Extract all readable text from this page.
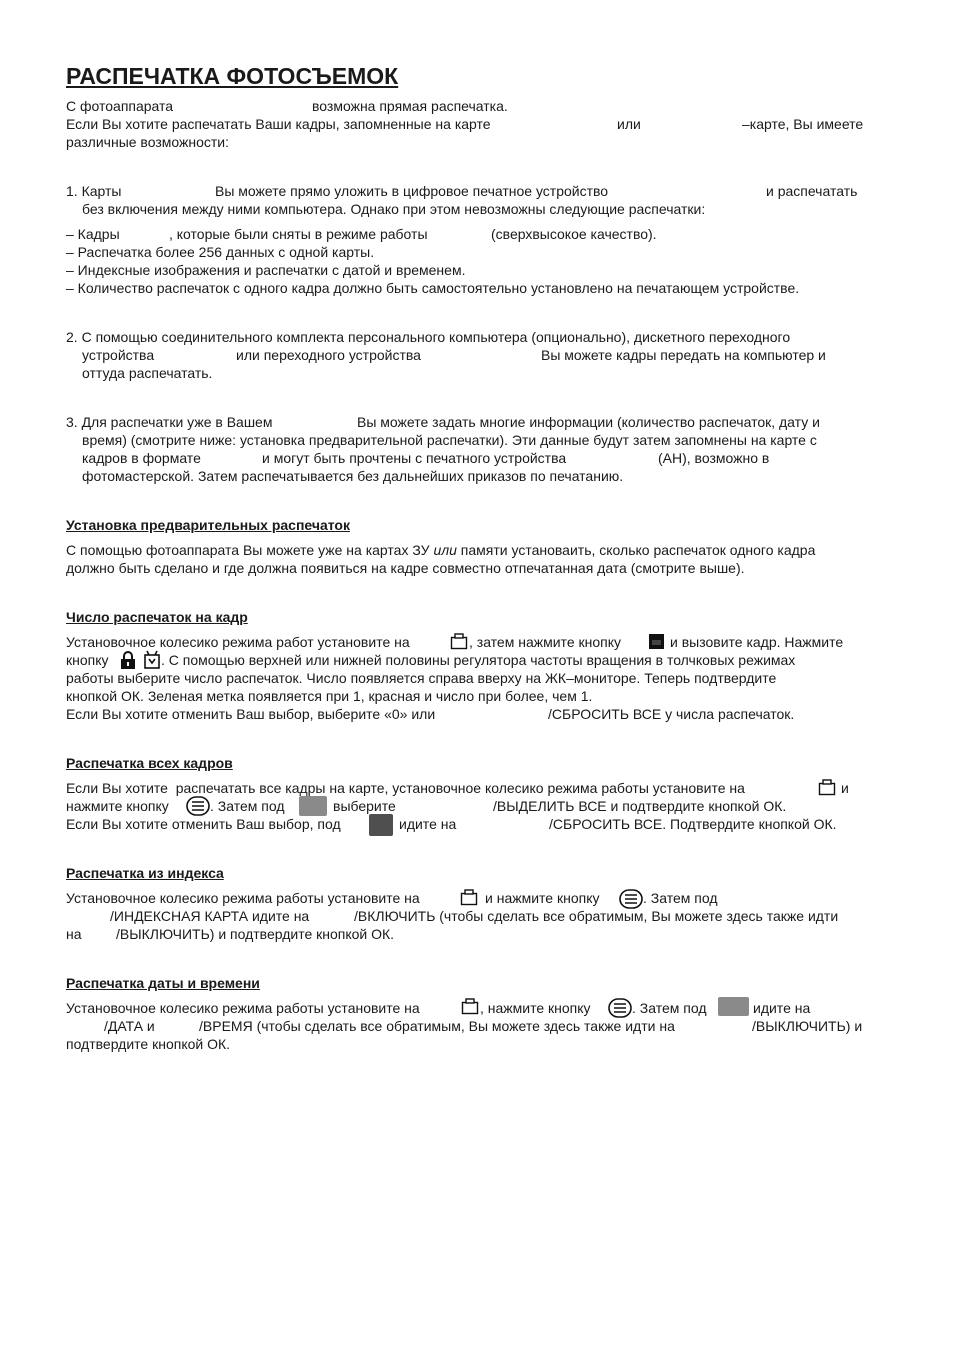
РАСПЕЧАТКА ФОТОСЪЕМОК
С фотоаппарата	возможна прямая распечатка.
Если Вы хотите распечатать Ваши кадры, запомненные на карте	или	–карте, Вы имеете
различные возможности:
1. Карты	Вы можете прямо уложить в цифровое печатное устройство	и распечатать
без включения между ними компьютера. Однако при этом невозможны следующие распечатки:
– Кадры	, которые были сняты в режиме работы	(сверхвысокое качество).
– Распечатка более 256 данных с одной карты.
– Индексные изображения и распечатки с датой и временем.
– Количество распечаток с одного кадра должно быть самостоятельно установлено на печатающем устройстве.
2. С помощью соединительного комплекта персонального компьютера (опционально), дискетного переходного
устройства	или переходного устройства	Вы можете кадры передать на компьютер и
оттуда распечатать.
3. Для распечатки уже в Вашем	Вы можете задать многие информации (количество распечаток, дату и
время) (смотрите ниже: установка предварительной распечатки). Эти данные будут затем запомнены на карте с
кадров в формате	и могут быть прочтены с печатного устройства	(АН), возможно в
фотомастерской. Затем распечатывается без дальнейших приказов по печатанию.
Установка предварительных распечаток
С помощью фотоаппарата Вы можете уже на картах ЗУ или памяти установаить, сколько распечаток одного кадра
должно быть сделано и где должна появиться на кадре совместно отпечатанная дата (смотрите выше).
Число распечаток на кадр
Установочное колесико режима работ установите на	, затем нажмите кнопку	и вызовите кадр. Нажмите
кнопку	. С помощью верхней или нижней половины регулятора частоты вращения в толчковых режимах
работы выберите число распечаток. Число появляется справа вверху на ЖК–мониторе. Теперь подтвердите
кнопкой ОК. Зеленая метка появляется при 1, красная и число при более, чем 1.
Если Вы хотите отменить Ваш выбор, выберите «0» или	/СБРОСИТЬ ВСЕ у числа распечаток.
Распечатка всех кадров
Если Вы хотите  распечатать все кадры на карте, установочное колесико режима работы установите на	и
нажмите кнопку	. Затем под	выберите	/ВЫДЕЛИТЬ ВСЕ и подтвердите кнопкой ОК.
Если Вы хотите отменить Ваш выбор, под	идите на	/СБРОСИТЬ ВСЕ. Подтвердите кнопкой ОК.
Распечатка из индекса
Установочное колесико режима работы установите на	и нажмите кнопку	. Затем под
/ИНДЕКСНАЯ КАРТА идите на	/ВКЛЮЧИТЬ (чтобы сделать все обратимым, Вы можете здесь также идти
на /ВЫКЛЮЧИТЬ) и подтвердите кнопкой ОК.
Распечатка даты и времени
Установочное колесико режима работы установите на	, нажмите кнопку	. Затем под	идите на
/ДАТА и	/ВРЕМЯ (чтобы сделать все обратимым, Вы можете здесь также идти на	/ВЫКЛЮЧИТЬ) и
подтвердите кнопкой ОК.
